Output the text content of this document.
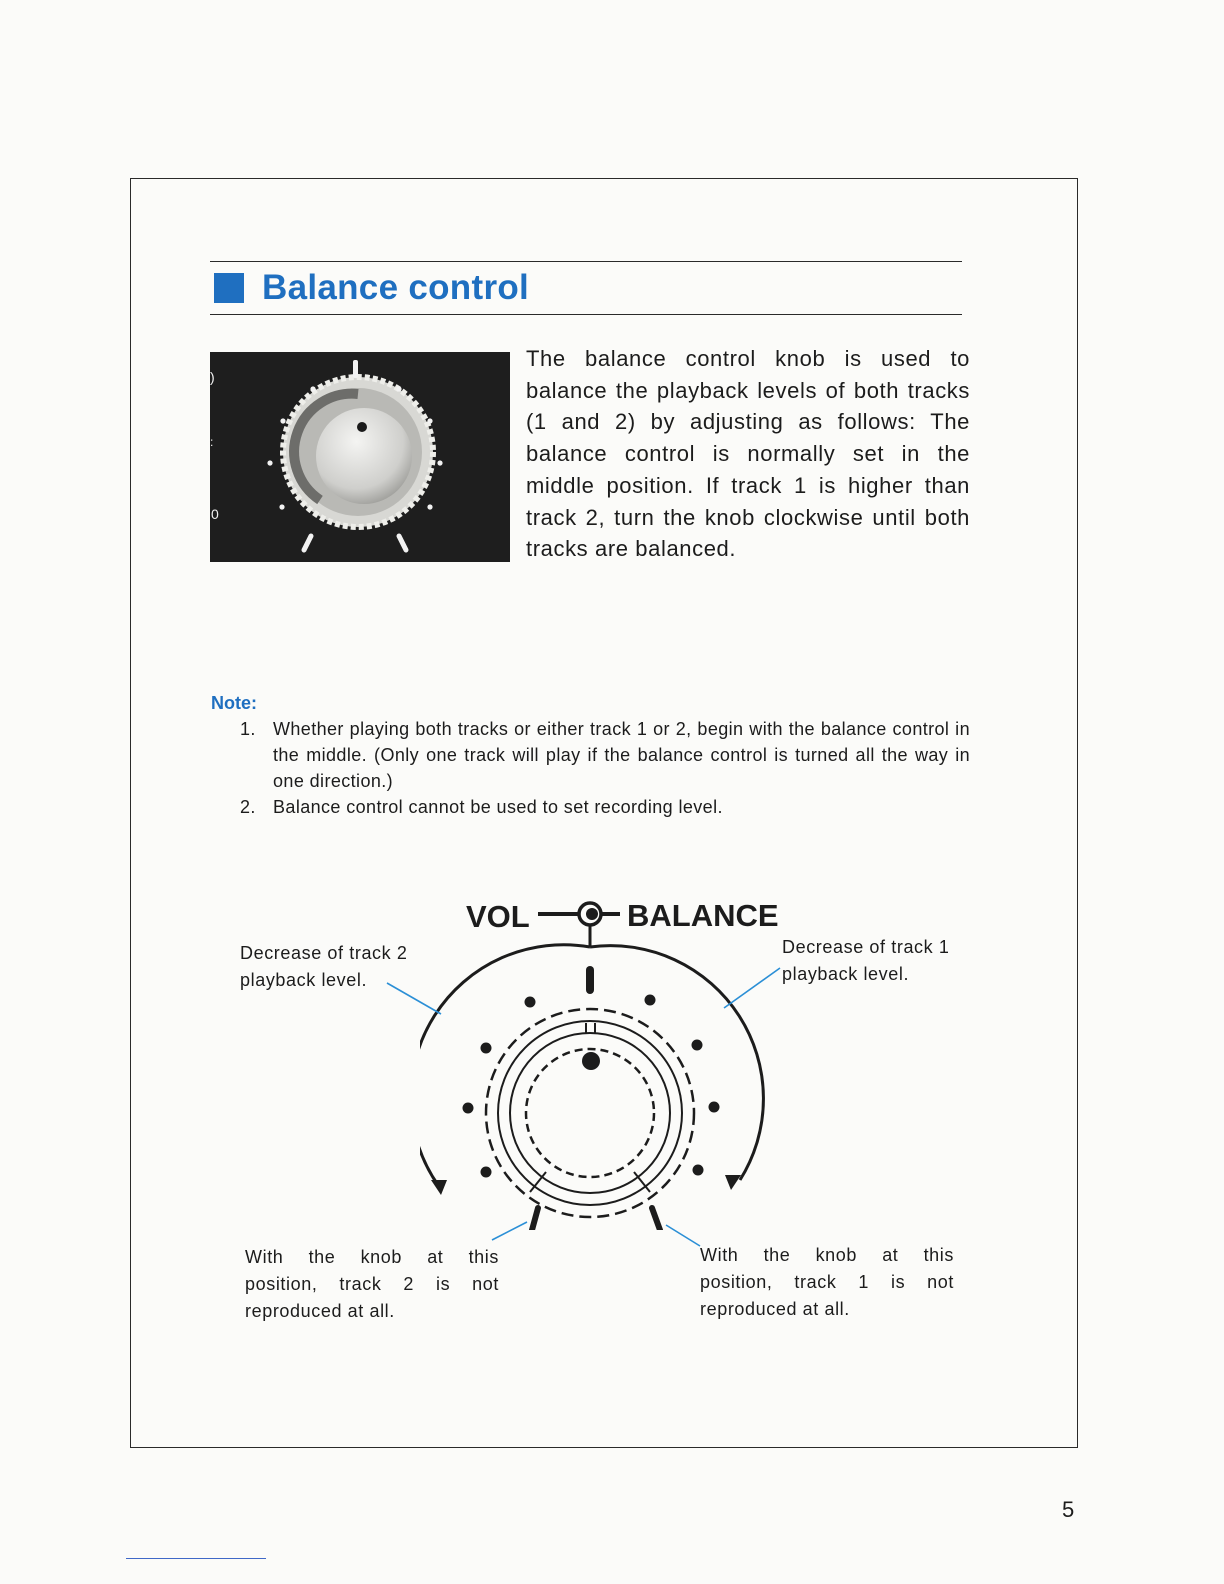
Balance control
)
:
0
The balance control knob is used to balance the playback levels of both tracks (1 and 2) by adjusting as follows: The balance control is normally set in the middle position. If track 1 is higher than track 2, turn the knob clockwise until both tracks are balanced.
Note:
1. Whether playing both tracks or either track 1 or 2, begin with the balance control in the middle. (Only one track will play if the balance control is turned all the way in one direction.)
2. Balance control cannot be used to set recording level.
VOL	BALANCE
Decrease of track 2
playback level.
Decrease of track 1
playback level.
With the knob at this
position, track 2 is not
reproduced at all.
With the knob at this
position, track 1 is not
reproduced at all.
5
